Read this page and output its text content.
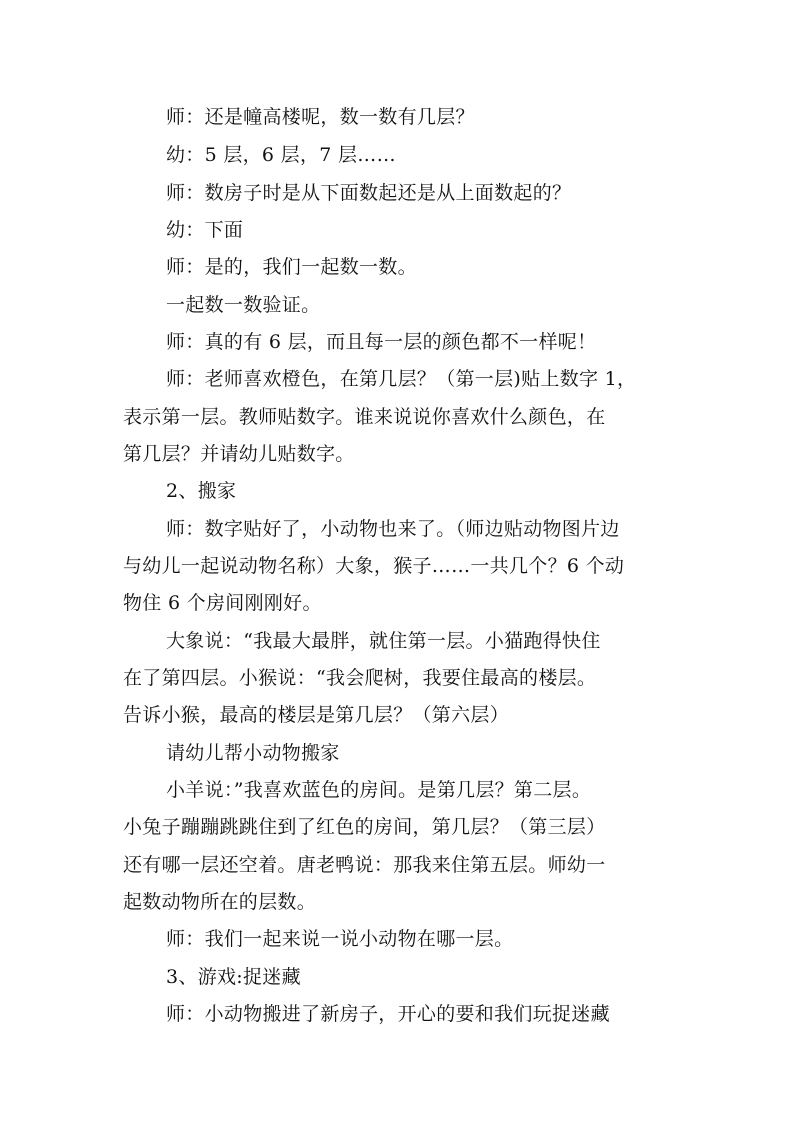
师：还是幢高楼呢，数一数有几层？
幼：5 层，6 层，7 层……
师：数房子时是从下面数起还是从上面数起的？
幼：下面
师：是的，我们一起数一数。
一起数一数验证。
师：真的有 6 层，而且每一层的颜色都不一样呢！
师：老师喜欢橙色，在第几层？（第一层)贴上数字 1，
表示第一层。教师贴数字。谁来说说你喜欢什么颜色，在
第几层？并请幼儿贴数字。
2、搬家
师：数字贴好了，小动物也来了。（师边贴动物图片边
与幼儿一起说动物名称）大象，猴子……一共几个？6 个动
物住 6 个房间刚刚好。
大象说：“我最大最胖，就住第一层。小猫跑得快住
在了第四层。小猴说：“我会爬树，我要住最高的楼层。
告诉小猴，最高的楼层是第几层？（第六层）
请幼儿帮小动物搬家
小羊说：”我喜欢蓝色的房间。是第几层？第二层。
小兔子蹦蹦跳跳住到了红色的房间，第几层？（第三层）
还有哪一层还空着。唐老鸭说：那我来住第五层。师幼一
起数动物所在的层数。
师：我们一起来说一说小动物在哪一层。
3、游戏:捉迷藏
师：小动物搬进了新房子，开心的要和我们玩捉迷藏
